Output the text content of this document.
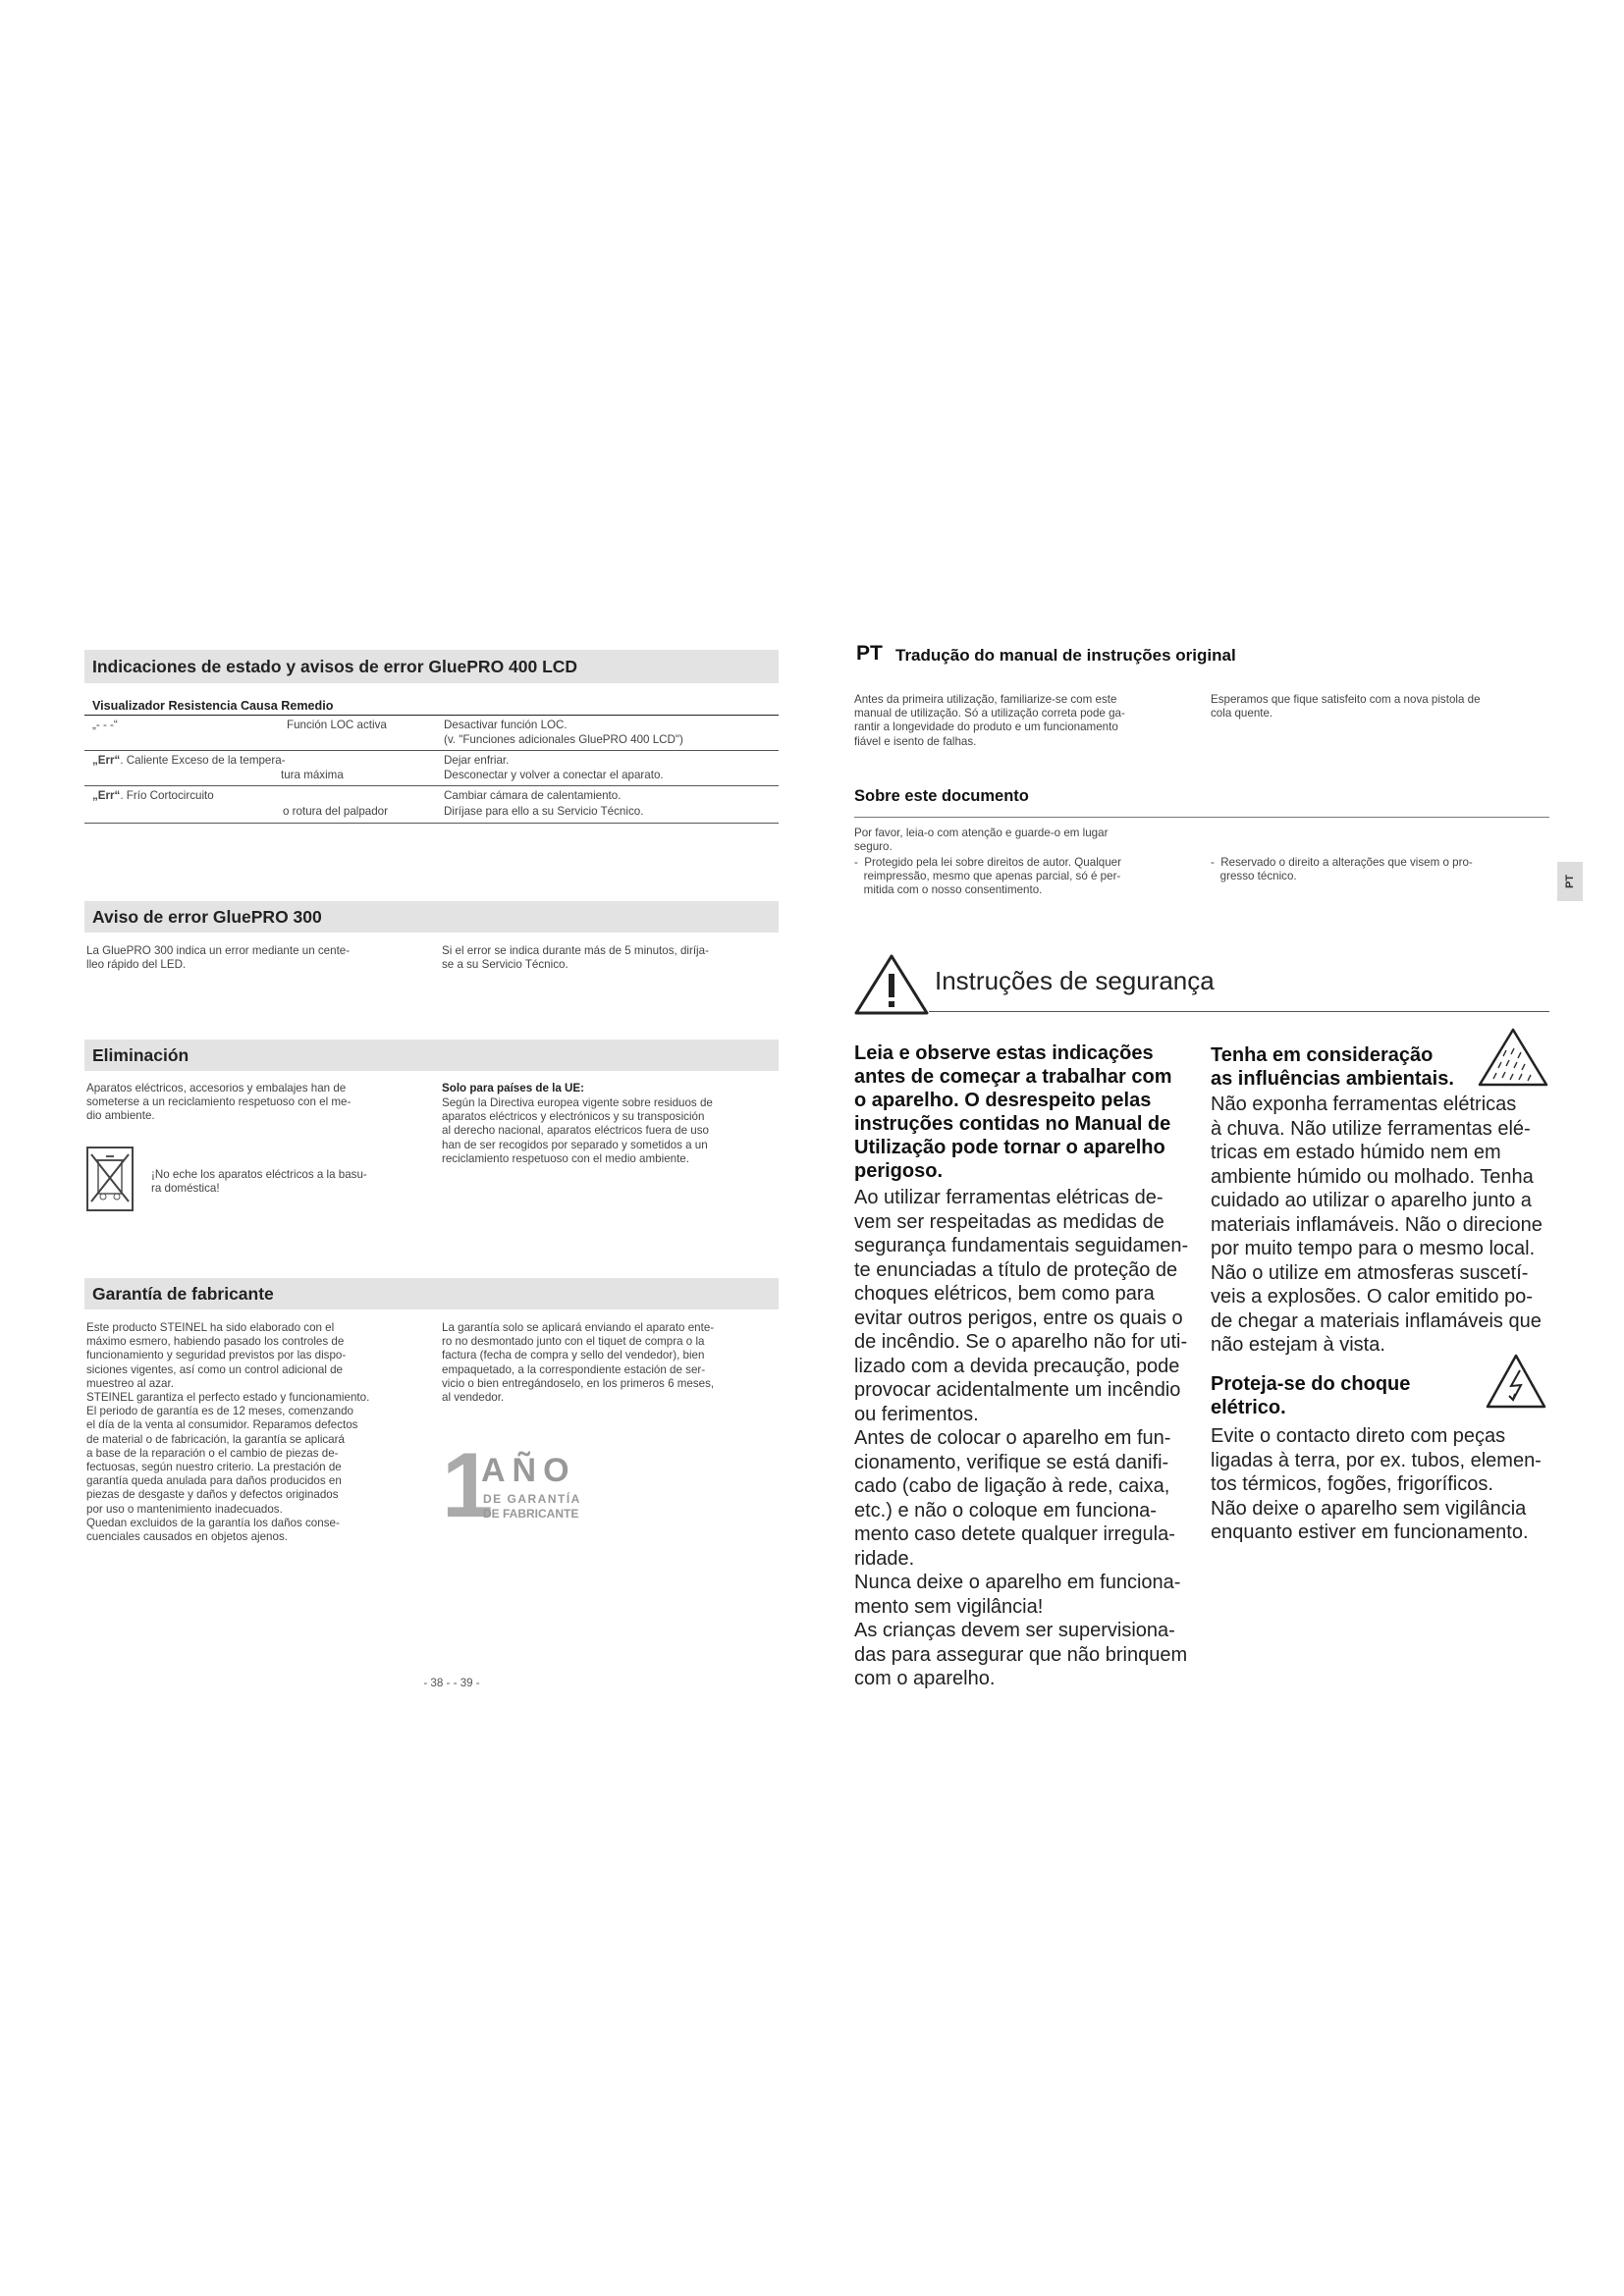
Indicaciones de estado y avisos de error GluePRO 400 LCD
Visualizador Resistencia Causa Remedio
„- - -“	Función LOC activa	Desactivar función LOC.
(v. "Funciones adicionales GluePRO 400 LCD")
„Err“. Caliente Exceso de la tempera-	Dejar enfriar.
tura máxima	Desconectar y volver a conectar el aparato.
„Err“. Frío Cortocircuito	Cambiar cámara de calentamiento.
o rotura del palpador	Diríjase para ello a su Servicio Técnico.
Aviso de error GluePRO 300
La GluePRO 300 indica un error mediante un cente-
lleo rápido del LED.
Si el error se indica durante más de 5 minutos, diríja-
se a su Servicio Técnico.
Eliminación
Aparatos eléctricos, accesorios y embalajes han de
someterse a un reciclamiento respetuoso con el me-
dio ambiente.
¡No eche los aparatos eléctricos a la basu-
ra doméstica!
Solo para países de la UE:
Según la Directiva europea vigente sobre residuos de
aparatos eléctricos y electrónicos y su transposición
al derecho nacional, aparatos eléctricos fuera de uso
han de ser recogidos por separado y sometidos a un
reciclamiento respetuoso con el medio ambiente.
Garantía de fabricante
Este producto STEINEL ha sido elaborado con el
máximo esmero, habiendo pasado los controles de
funcionamiento y seguridad previstos por las dispo-
siciones vigentes, así como un control adicional de
muestreo al azar.
STEINEL garantiza el perfecto estado y funcionamiento.
El periodo de garantía es de 12 meses, comenzando
el día de la venta al consumidor. Reparamos defectos
de material o de fabricación, la garantía se aplicará
a base de la reparación o el cambio de piezas de-
fectuosas, según nuestro criterio. La prestación de
garantía queda anulada para daños producidos en
piezas de desgaste y daños y defectos originados
por uso o mantenimiento inadecuados.
Quedan excluidos de la garantía los daños conse-
cuenciales causados en objetos ajenos.
La garantía solo se aplicará enviando el aparato ente-
ro no desmontado junto con el tiquet de compra o la
factura (fecha de compra y sello del vendedor), bien
empaquetado, a la correspondiente estación de ser-
vicio o bien entregándoselo, en los primeros 6 meses,
al vendedor.
1
AÑO
DE GARANTÍA
DE FABRICANTE
- 38 - - 39 -
PT Tradução do manual de instruções original
Antes da primeira utilização, familiarize-se com este
manual de utilização. Só a utilização correta pode ga-
rantir a longevidade do produto e um funcionamento
fiável e isento de falhas.
Esperamos que fique satisfeito com a nova pistola de
cola quente.
Sobre este documento
Por favor, leia-o com atenção e guarde-o em lugar
seguro.
-  Protegido pela lei sobre direitos de autor. Qualquer
reimpressão, mesmo que apenas parcial, só é per-
mitida com o nosso consentimento.
-  Reservado o direito a alterações que visem o pro-
gresso técnico.	PT
Instruções de segurança
Leia e observe estas indicações
antes de começar a trabalhar com
o aparelho. O desrespeito pelas
instruções contidas no Manual de
Utilização pode tornar o aparelho
perigoso.
Ao utilizar ferramentas elétricas de-
vem ser respeitadas as medidas de
segurança fundamentais seguidamen-
te enunciadas a título de proteção de
choques elétricos, bem como para
evitar outros perigos, entre os quais o
de incêndio. Se o aparelho não for uti-
lizado com a devida precaução, pode
provocar acidentalmente um incêndio
ou ferimentos.
Antes de colocar o aparelho em fun-
cionamento, verifique se está danifi-
cado (cabo de ligação à rede, caixa,
etc.) e não o coloque em funciona-
mento caso detete qualquer irregula-
ridade.
Nunca deixe o aparelho em funciona-
mento sem vigilância!
As crianças devem ser supervisiona-
das para assegurar que não brinquem
com o aparelho.
Tenha em consideração
as influências ambientais.
Não exponha ferramentas elétricas
à chuva. Não utilize ferramentas elé-
tricas em estado húmido nem em
ambiente húmido ou molhado. Tenha
cuidado ao utilizar o aparelho junto a
materiais inflamáveis. Não o direcione
por muito tempo para o mesmo local.
Não o utilize em atmosferas suscetí-
veis a explosões. O calor emitido po-
de chegar a materiais inflamáveis que
não estejam à vista.
Proteja-se do choque
elétrico.
Evite o contacto direto com peças
ligadas à terra, por ex. tubos, elemen-
tos térmicos, fogões, frigoríficos.
Não deixe o aparelho sem vigilância
enquanto estiver em funcionamento.
